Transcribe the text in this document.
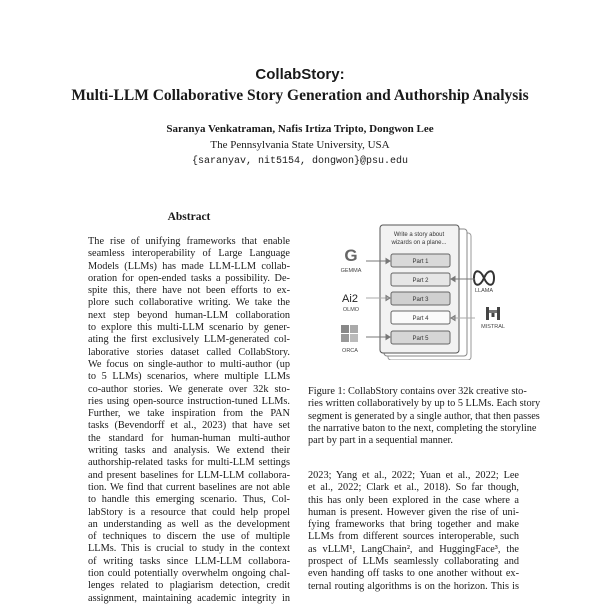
CollabStory:
Multi-LLM Collaborative Story Generation and Authorship Analysis
Saranya Venkatraman, Nafis Irtiza Tripto, Dongwon Lee
The Pennsylvania State University, USA
{saranyav, nit5154, dongwon}@psu.edu
Abstract
The rise of unifying frameworks that enable
seamless interoperability of Large Language
Models (LLMs) has made LLM-LLM collab-
oration for open-ended tasks a possibility. De-
spite this, there have not been efforts to ex-
plore such collaborative writing. We take the
next step beyond human-LLM collaboration
to explore this multi-LLM scenario by gener-
ating the first exclusively LLM-generated col-
laborative stories dataset called CollabStory.
We focus on single-author to multi-author (up
to 5 LLMs) scenarios, where multiple LLMs
co-author stories. We generate over 32k sto-
ries using open-source instruction-tuned LLMs.
Further, we take inspiration from the PAN
tasks (Bevendorff et al., 2023) that have set
the standard for human-human multi-author
writing tasks and analysis. We extend their
authorship-related tasks for multi-LLM settings
and present baselines for LLM-LLM collabora-
tion. We find that current baselines are not able
to handle this emerging scenario. Thus, Col-
labStory is a resource that could help propel
an understanding as well as the development
of techniques to discern the use of multiple
LLMs. This is crucial to study in the context
of writing tasks since LLM-LLM collabora-
tion could potentially overwhelm ongoing chal-
lenges related to plagiarism detection, credit
assignment, maintaining academic integrity in
Write a story about
wizards on a plane...
Part 1
Part 2
Part 3
Part 4
Part 5
G
GEMMA
Ai2
OLMO
ORCA
LLAMA
MISTRAL
Figure 1: CollabStory contains over 32k creative sto-
ries written collaboratively by up to 5 LLMs. Each story
segment is generated by a single author, that then passes
the narrative baton to the next, completing the storyline
part by part in a sequential manner.
2023; Yang et al., 2022; Yuan et al., 2022; Lee
et al., 2022; Clark et al., 2018). So far though,
this has only been explored in the case where a
human is present. However given the rise of uni-
fying frameworks that bring together and make
LLMs from different sources interoperable, such
as vLLM¹, LangChain², and HuggingFace³, the
prospect of LLMs seamlessly collaborating and
even handing off tasks to one another without ex-
ternal routing algorithms is on the horizon. This is
